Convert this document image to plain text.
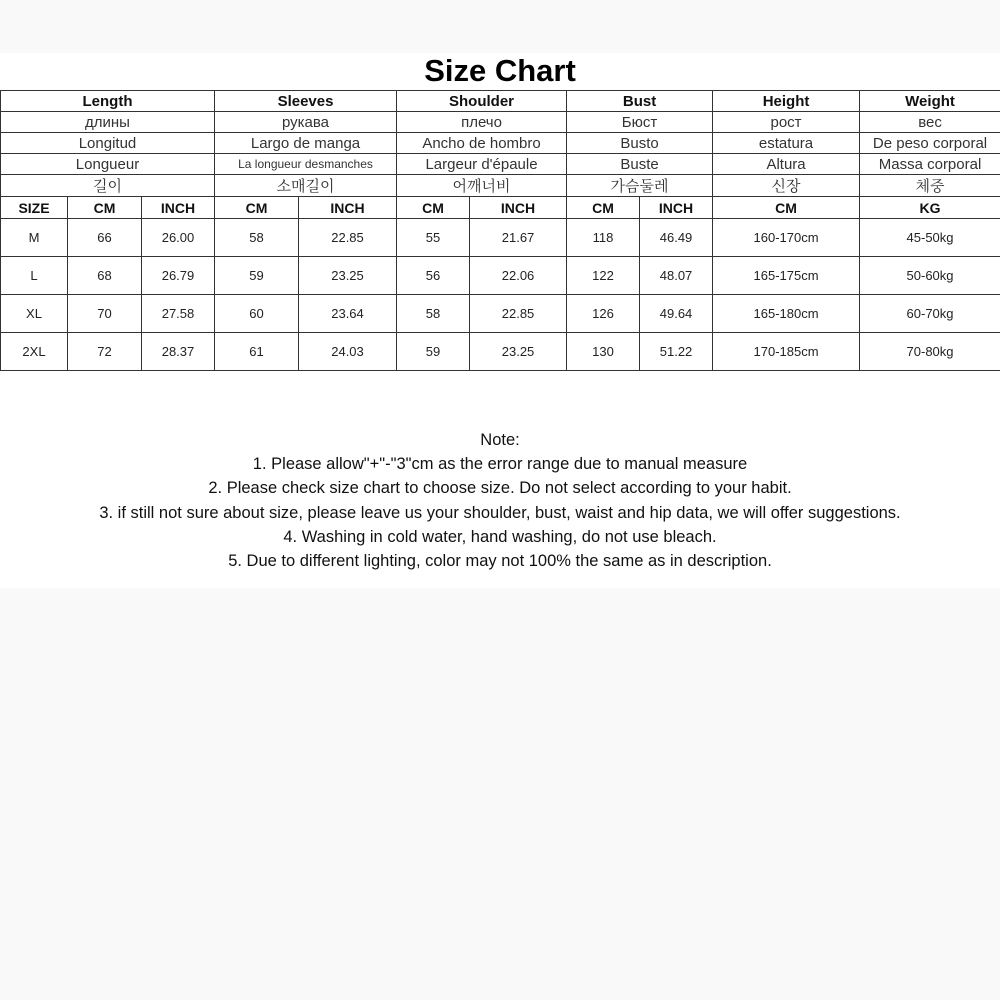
Size Chart
Length			Sleeves		Shoulder		Bust		Height	Weight
длины			рукава		плечо		Бюст		рост	вес
Longitud			Largo de manga		Ancho de hombro		Busto		estatura	De peso corporal
Longueur			La longueur desmanches		Largeur d'épaule		Buste		Altura	Massa corporal
길이			소매길이		어깨너비		가슴둘레		신장	체중
SIZE	CM	INCH	CM	INCH	CM	INCH	CM	INCH	CM	KG
M	66	26.00	58	22.85	55	21.67	118	46.49	160-170cm	45-50kg
L	68	26.79	59	23.25	56	22.06	122	48.07	165-175cm	50-60kg
XL	70	27.58	60	23.64	58	22.85	126	49.64	165-180cm	60-70kg
2XL	72	28.37	61	24.03	59	23.25	130	51.22	170-185cm	70-80kg
Note:
1. Please allow"+"-"3"cm as the error range due to manual measure
2. Please check size chart to choose size. Do not select according to your habit.
3. if still not sure about size, please leave us your shoulder, bust, waist and hip data, we will offer suggestions.
4. Washing in cold water, hand washing, do not use bleach.
5. Due to different lighting, color may not 100% the same as in description.
